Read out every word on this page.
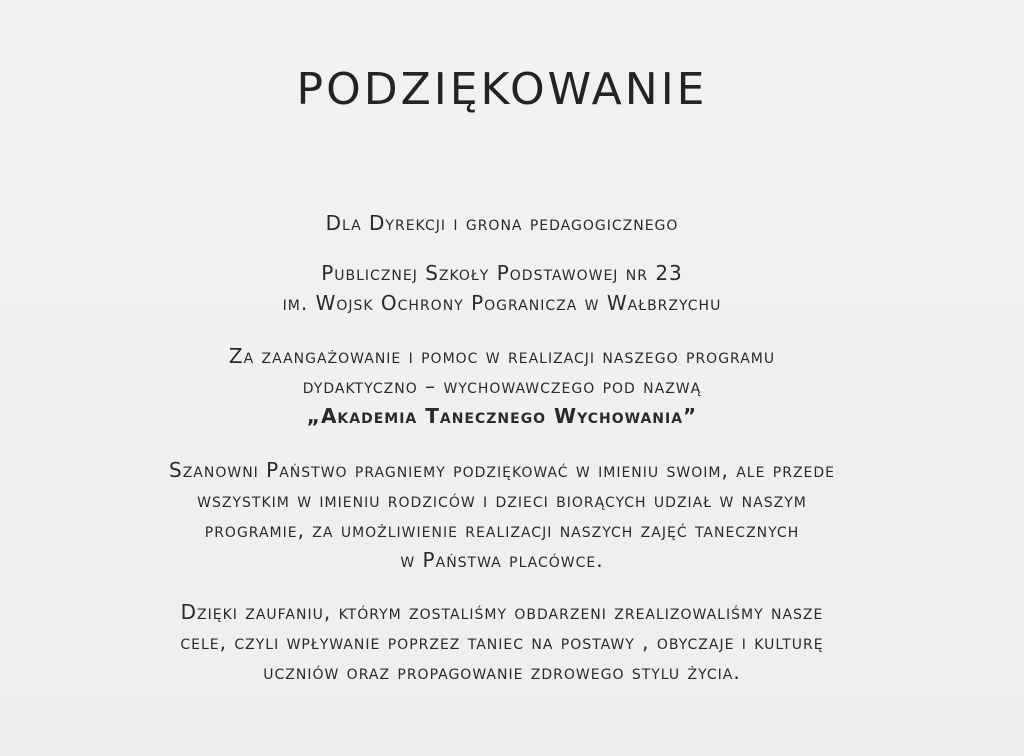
PODZIĘKOWANIE
Dla Dyrekcji i grona pedagogicznego
Publicznej Szkoły Podstawowej nr 23
im. Wojsk Ochrony Pogranicza w Wałbrzychu
Za zaangażowanie i pomoc w realizacji naszego programu
dydaktyczno – wychowawczego pod nazwą
„Akademia Tanecznego Wychowania”
Szanowni Państwo pragniemy podziękować w imieniu swoim, ale przede
wszystkim w imieniu rodziców i dzieci biorących udział w naszym
programie, za umożliwienie realizacji naszych zajęć tanecznych
w Państwa placówce.
Dzięki zaufaniu, którym zostaliśmy obdarzeni zrealizowaliśmy nasze
cele, czyli wpływanie poprzez taniec na postawy , obyczaje i kulturę
uczniów oraz propagowanie zdrowego stylu życia.
